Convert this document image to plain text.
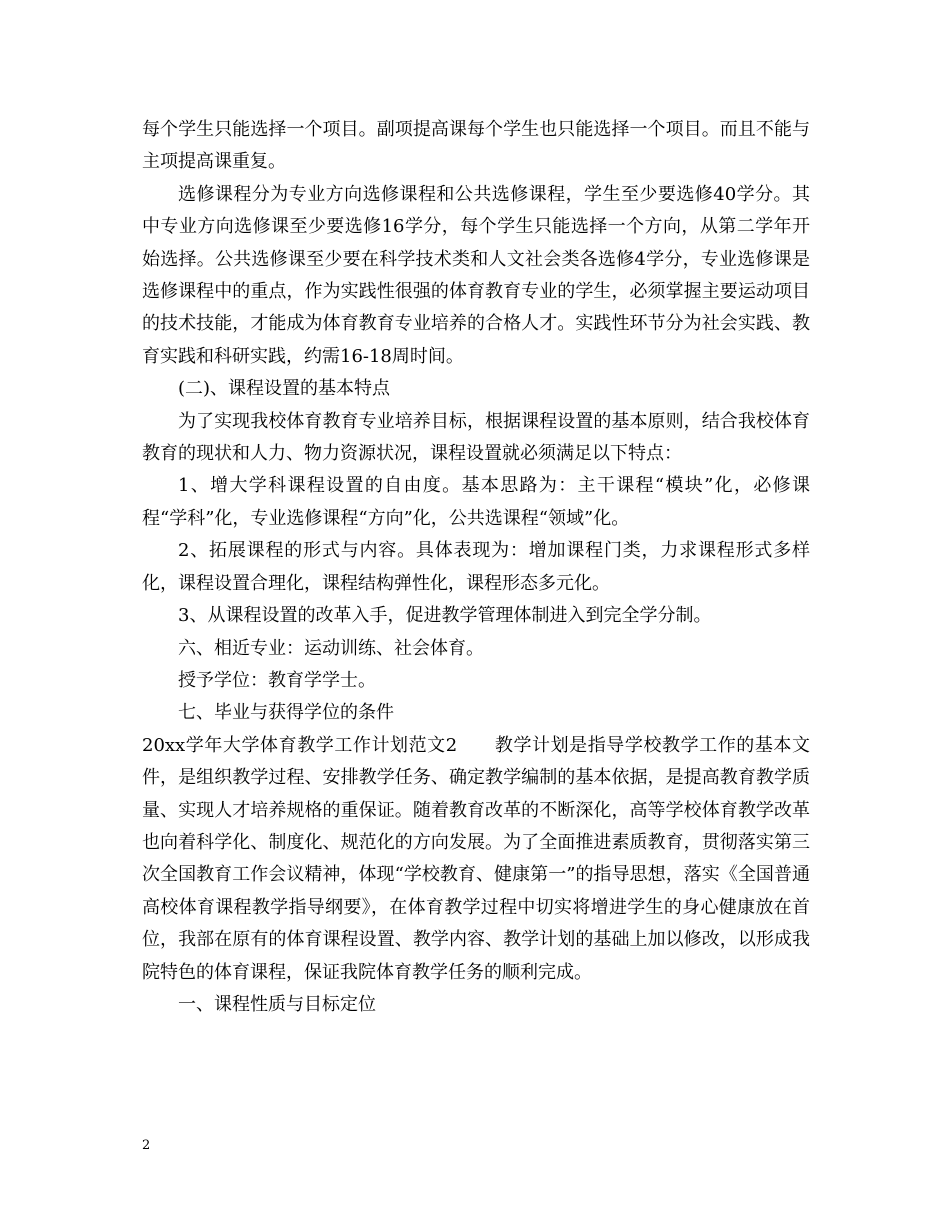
每个学生只能选择一个项目。副项提高课每个学生也只能选择一个项目。而且不能与主项提高课重复。

选修课程分为专业方向选修课程和公共选修课程，学生至少要选修40学分。其中专业方向选修课至少要选修16学分，每个学生只能选择一个方向，从第二学年开始选择。公共选修课至少要在科学技术类和人文社会类各选修4学分，专业选修课是选修课程中的重点，作为实践性很强的体育教育专业的学生，必须掌握主要运动项目的技术技能，才能成为体育教育专业培养的合格人才。实践性环节分为社会实践、教育实践和科研实践，约需16-18周时间。

(二)、课程设置的基本特点

为了实现我校体育教育专业培养目标，根据课程设置的基本原则，结合我校体育教育的现状和人力、物力资源状况，课程设置就必须满足以下特点：

1、增大学科课程设置的自由度。基本思路为：主干课程“模块”化，必修课程“学科”化，专业选修课程“方向”化，公共选课程“领域”化。

2、拓展课程的形式与内容。具体表现为：增加课程门类，力求课程形式多样化，课程设置合理化，课程结构弹性化，课程形态多元化。

3、从课程设置的改革入手，促进教学管理体制进入到完全学分制。

六、相近专业：运动训练、社会体育。

授予学位：教育学学士。

七、毕业与获得学位的条件

20xx学年大学体育教学工作计划范文2　　教学计划是指导学校教学工作的基本文件，是组织教学过程、安排教学任务、确定教学编制的基本依据，是提高教育教学质量、实现人才培养规格的重保证。随着教育改革的不断深化，高等学校体育教学改革也向着科学化、制度化、规范化的方向发展。为了全面推进素质教育，贯彻落实第三次全国教育工作会议精神，体现“学校教育、健康第一”的指导思想，落实《全国普通高校体育课程教学指导纲要》，在体育教学过程中切实将增进学生的身心健康放在首位，我部在原有的体育课程设置、教学内容、教学计划的基础上加以修改，以形成我院特色的体育课程，保证我院体育教学任务的顺利完成。

一、课程性质与目标定位

2
